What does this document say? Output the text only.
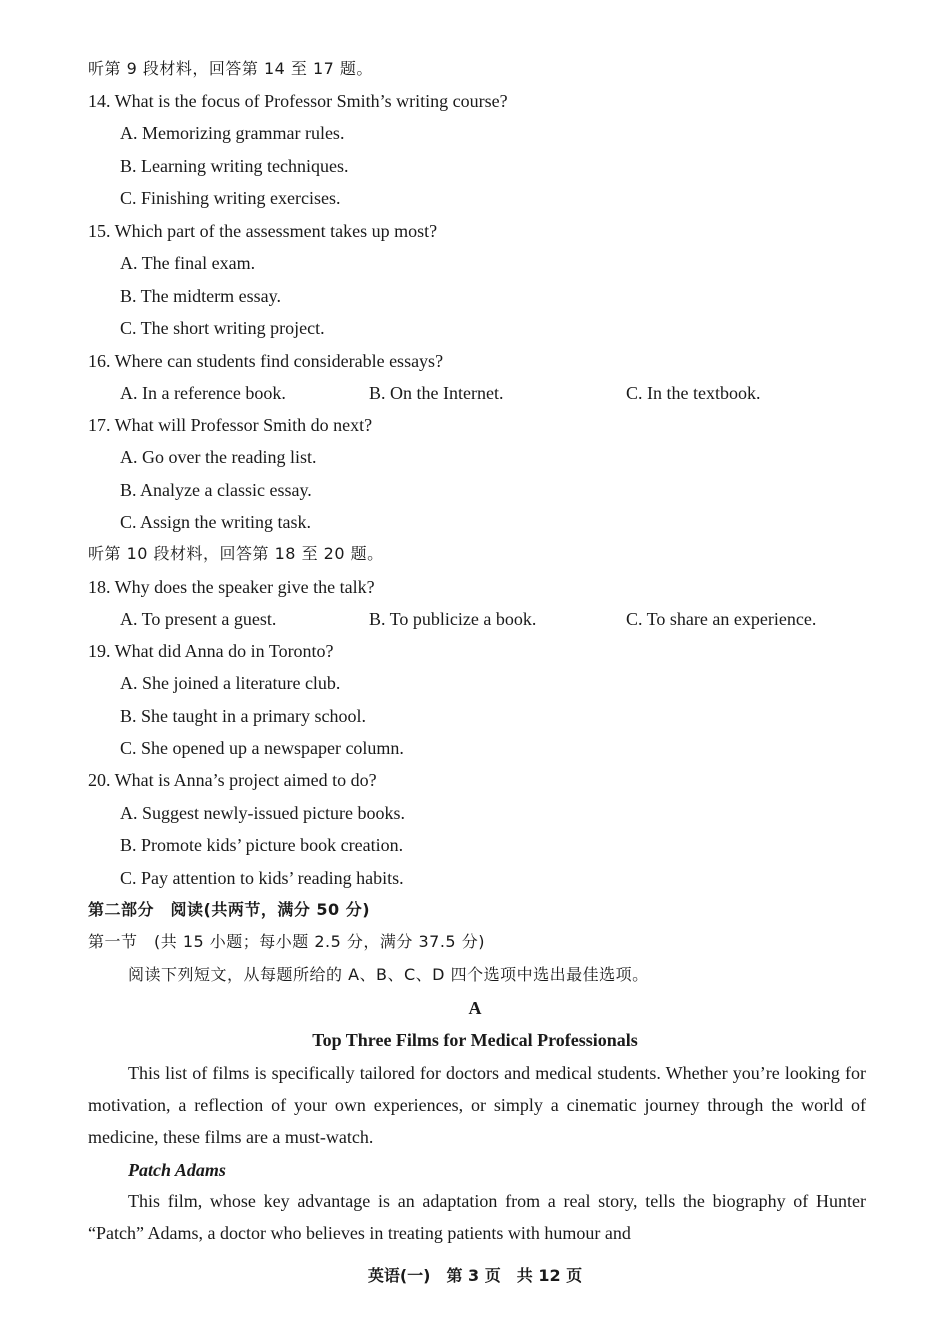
听第 9 段材料，回答第 14 至 17 题。
14. What is the focus of Professor Smith’s writing course?
A. Memorizing grammar rules.
B. Learning writing techniques.
C. Finishing writing exercises.
15. Which part of the assessment takes up most?
A. The final exam.
B. The midterm essay.
C. The short writing project.
16. Where can students find considerable essays?
A. In a reference book.	B. On the Internet.	C. In the textbook.
17. What will Professor Smith do next?
A. Go over the reading list.
B. Analyze a classic essay.
C. Assign the writing task.
听第 10 段材料，回答第 18 至 20 题。
18. Why does the speaker give the talk?
A. To present a guest.	B. To publicize a book.	C. To share an experience.
19. What did Anna do in Toronto?
A. She joined a literature club.
B. She taught in a primary school.
C. She opened up a newspaper column.
20. What is Anna’s project aimed to do?
A. Suggest newly-issued picture books.
B. Promote kids’ picture book creation.
C. Pay attention to kids’ reading habits.
第二部分　阅读(共两节，满分 50 分)
第一节　(共 15 小题；每小题 2.5 分，满分 37.5 分)
阅读下列短文，从每题所给的 A、B、C、D 四个选项中选出最佳选项。
A
Top Three Films for Medical Professionals
This list of films is specifically tailored for doctors and medical students. Whether you’re looking for motivation, a reflection of your own experiences, or simply a cinematic journey through the world of medicine, these films are a must-watch.
Patch Adams
This film, whose key advantage is an adaptation from a real story, tells the biography of Hunter “Patch” Adams, a doctor who believes in treating patients with humour and
英语(一)　第 3 页　共 12 页
